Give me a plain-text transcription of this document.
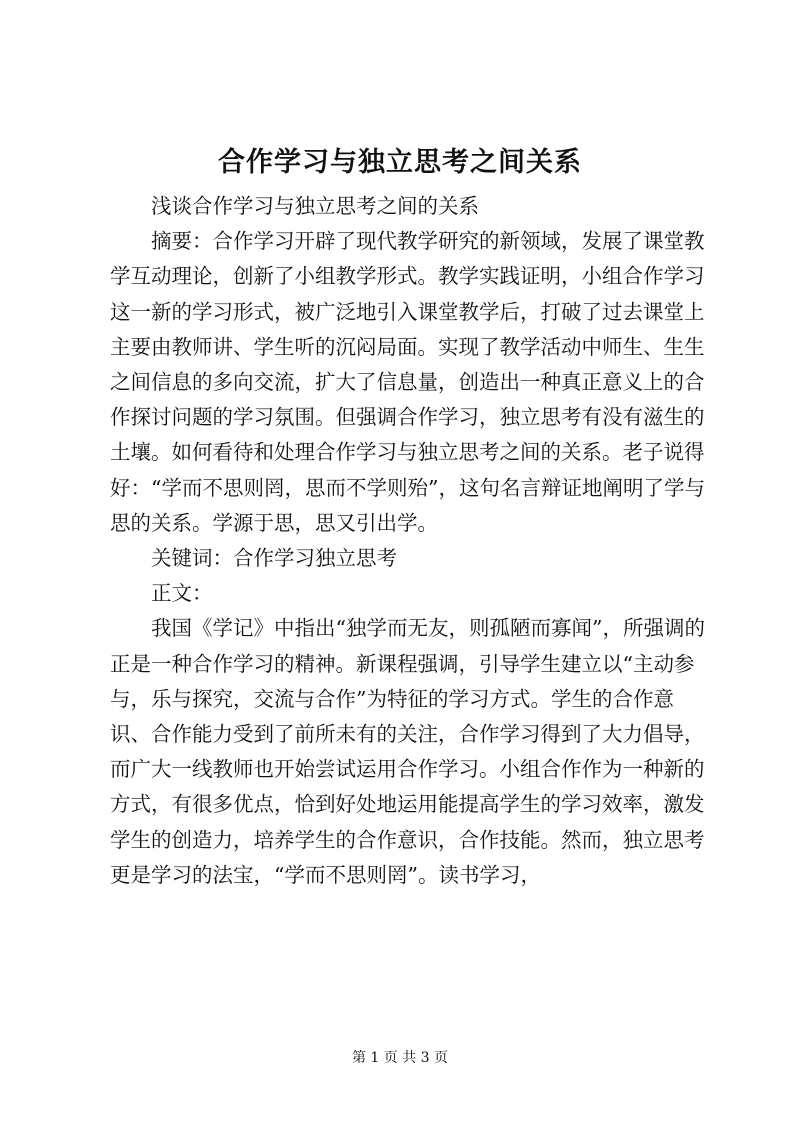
合作学习与独立思考之间关系

浅谈合作学习与独立思考之间的关系

摘要：合作学习开辟了现代教学研究的新领域，发展了课堂教学互动理论，创新了小组教学形式。教学实践证明，小组合作学习这一新的学习形式，被广泛地引入课堂教学后，打破了过去课堂上主要由教师讲、学生听的沉闷局面。实现了教学活动中师生、生生之间信息的多向交流，扩大了信息量，创造出一种真正意义上的合作探讨问题的学习氛围。但强调合作学习，独立思考有没有滋生的土壤。如何看待和处理合作学习与独立思考之间的关系。老子说得好：“学而不思则罔，思而不学则殆”，这句名言辩证地阐明了学与思的关系。学源于思，思又引出学。

关键词：合作学习独立思考

正文：

我国《学记》中指出“独学而无友，则孤陋而寡闻”，所强调的正是一种合作学习的精神。新课程强调，引导学生建立以“主动参与，乐与探究，交流与合作”为特征的学习方式。学生的合作意识、合作能力受到了前所未有的关注，合作学习得到了大力倡导，而广大一线教师也开始尝试运用合作学习。小组合作作为一种新的方式，有很多优点，恰到好处地运用能提高学生的学习效率，激发学生的创造力，培养学生的合作意识，合作技能。然而，独立思考更是学习的法宝，“学而不思则罔”。读书学习，

第 1 页 共 3 页
